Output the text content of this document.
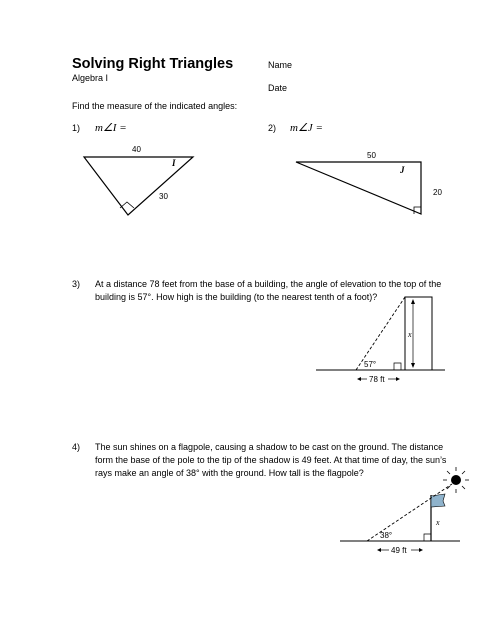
Solving Right Triangles
Algebra I
Name
Date
Find the measure of the indicated angles:
1) m∠I =	2) m∠J =
40
30
I
50
20
J
x
57°
78 ft
x
38°
49 ft
3) At a distance 78 feet from the base of a building, the angle of elevation to the top of the building is 57°. How high is the building (to the nearest tenth of a foot)?
4) The sun shines on a flagpole, causing a shadow to be cast on the ground. The distance form the base of the pole to the tip of the shadow is 49 feet. At that time of day, the sun’s rays make an angle of 38° with the ground. How tall is the flagpole?
